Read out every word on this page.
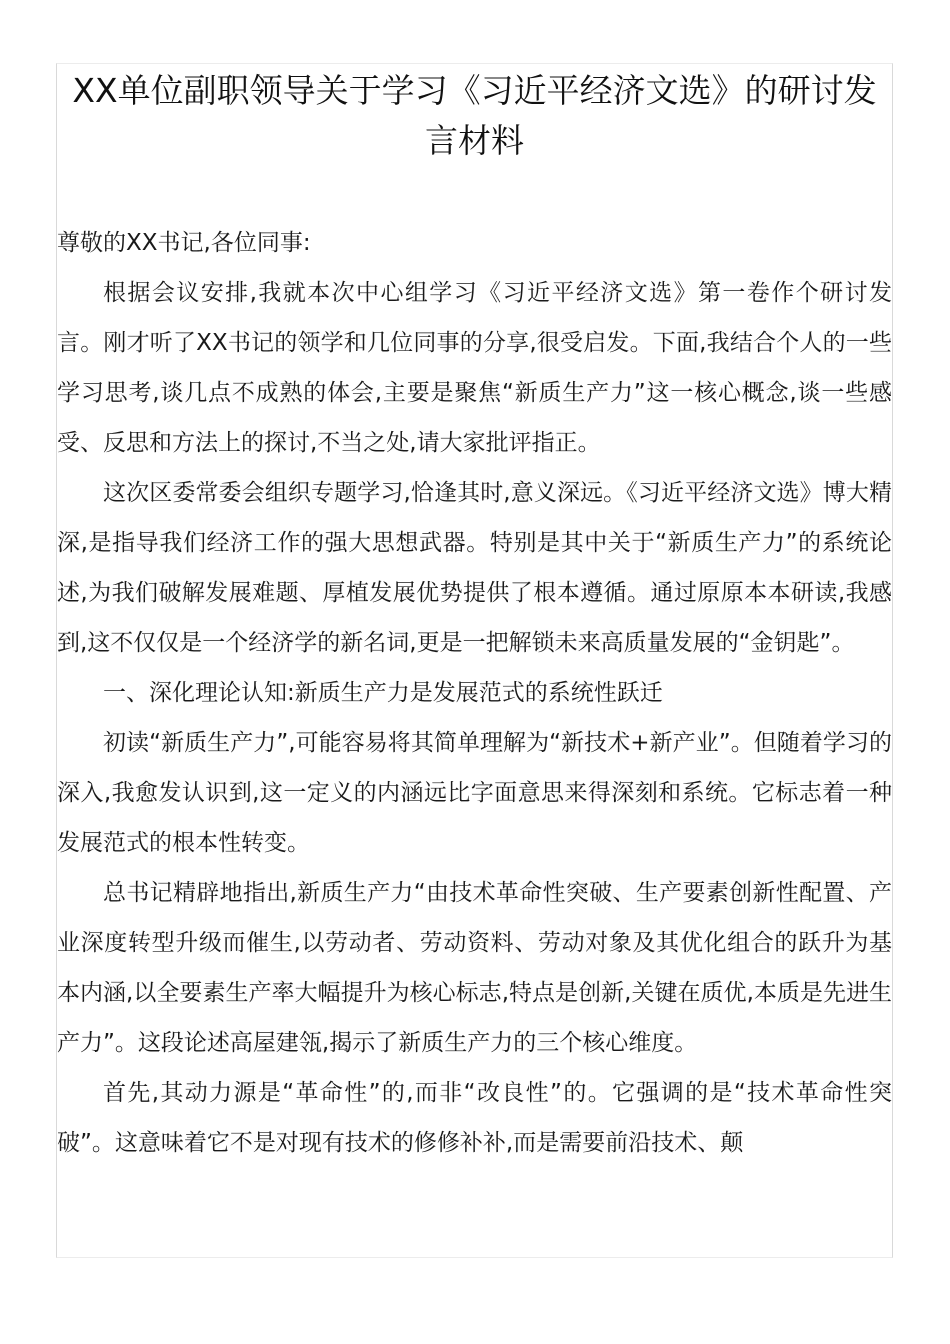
XX单位副职领导关于学习《习近平经济文选》的研讨发言材料

尊敬的XX书记,各位同事:

根据会议安排,我就本次中心组学习《习近平经济文选》第一卷作个研讨发言。刚才听了XX书记的领学和几位同事的分享,很受启发。下面,我结合个人的一些学习思考,谈几点不成熟的体会,主要是聚焦“新质生产力”这一核心概念,谈一些感受、反思和方法上的探讨,不当之处,请大家批评指正。

这次区委常委会组织专题学习,恰逢其时,意义深远。《习近平经济文选》博大精深,是指导我们经济工作的强大思想武器。特别是其中关于“新质生产力”的系统论述,为我们破解发展难题、厚植发展优势提供了根本遵循。通过原原本本研读,我感到,这不仅仅是一个经济学的新名词,更是一把解锁未来高质量发展的“金钥匙”。

一、深化理论认知:新质生产力是发展范式的系统性跃迁

初读“新质生产力”,可能容易将其简单理解为“新技术+新产业”。但随着学习的深入,我愈发认识到,这一定义的内涵远比字面意思来得深刻和系统。它标志着一种发展范式的根本性转变。

总书记精辟地指出,新质生产力“由技术革命性突破、生产要素创新性配置、产业深度转型升级而催生,以劳动者、劳动资料、劳动对象及其优化组合的跃升为基本内涵,以全要素生产率大幅提升为核心标志,特点是创新,关键在质优,本质是先进生产力”。这段论述高屋建瓴,揭示了新质生产力的三个核心维度。

首先,其动力源是“革命性”的,而非“改良性”的。它强调的是“技术革命性突破”。这意味着它不是对现有技术的修修补补,而是需要前沿技术、颠
